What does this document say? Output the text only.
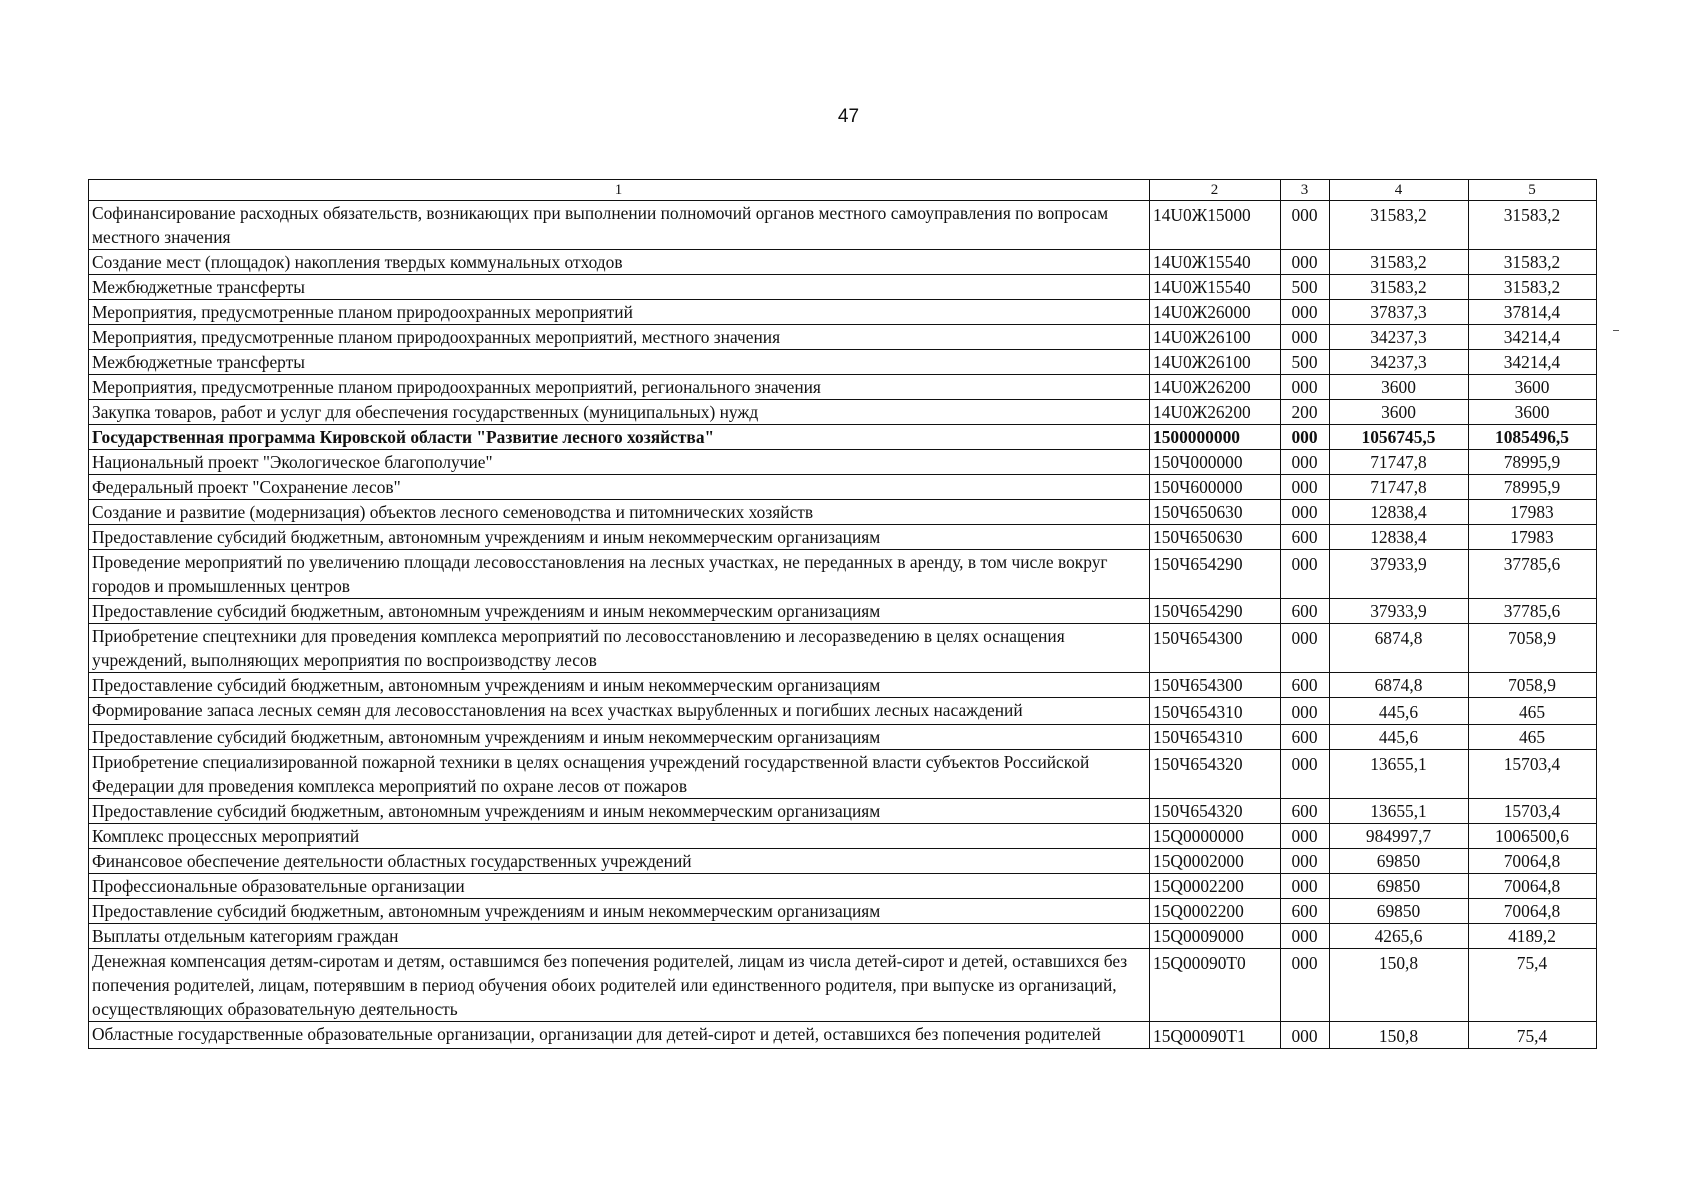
47
1	2	3	4	5
Софинансирование расходных обязательств, возникающих при выполнении полномочий органов местного самоуправления по вопросам местного значения	14U0Ж15000	000	31583,2	31583,2
Создание мест (площадок) накопления твердых коммунальных отходов	14U0Ж15540	000	31583,2	31583,2
Межбюджетные трансферты	14U0Ж15540	500	31583,2	31583,2
Мероприятия, предусмотренные планом природоохранных мероприятий	14U0Ж26000	000	37837,3	37814,4
Мероприятия, предусмотренные планом природоохранных мероприятий, местного значения	14U0Ж26100	000	34237,3	34214,4
Межбюджетные трансферты	14U0Ж26100	500	34237,3	34214,4
Мероприятия, предусмотренные планом природоохранных мероприятий, регионального значения	14U0Ж26200	000	3600	3600
Закупка товаров, работ и услуг для обеспечения государственных (муниципальных) нужд	14U0Ж26200	200	3600	3600
Государственная программа Кировской области "Развитие лесного хозяйства"	1500000000	000	1056745,5	1085496,5
Национальный проект "Экологическое благополучие"	150Ч000000	000	71747,8	78995,9
Федеральный проект "Сохранение лесов"	150Ч600000	000	71747,8	78995,9
Создание и развитие (модернизация) объектов лесного семеноводства и питомнических хозяйств	150Ч650630	000	12838,4	17983
Предоставление субсидий бюджетным, автономным учреждениям и иным некоммерческим организациям	150Ч650630	600	12838,4	17983
Проведение мероприятий по увеличению площади лесовосстановления на лесных участках, не переданных в аренду, в том числе вокруг городов и промышленных центров	150Ч654290	000	37933,9	37785,6
Предоставление субсидий бюджетным, автономным учреждениям и иным некоммерческим организациям	150Ч654290	600	37933,9	37785,6
Приобретение спецтехники для проведения комплекса мероприятий по лесовосстановлению и лесоразведению в целях оснащения учреждений, выполняющих мероприятия по воспроизводству лесов	150Ч654300	000	6874,8	7058,9
Предоставление субсидий бюджетным, автономным учреждениям и иным некоммерческим организациям	150Ч654300	600	6874,8	7058,9
Формирование запаса лесных семян для лесовосстановления на всех участках вырубленных и погибших лесных насаждений	150Ч654310	000	445,6	465
Предоставление субсидий бюджетным, автономным учреждениям и иным некоммерческим организациям	150Ч654310	600	445,6	465
Приобретение специализированной пожарной техники в целях оснащения учреждений государственной власти субъектов Российской Федерации для проведения комплекса мероприятий по охране лесов от пожаров	150Ч654320	000	13655,1	15703,4
Предоставление субсидий бюджетным, автономным учреждениям и иным некоммерческим организациям	150Ч654320	600	13655,1	15703,4
Комплекс процессных мероприятий	15Q0000000	000	984997,7	1006500,6
Финансовое обеспечение деятельности областных государственных учреждений	15Q0002000	000	69850	70064,8
Профессиональные образовательные организации	15Q0002200	000	69850	70064,8
Предоставление субсидий бюджетным, автономным учреждениям и иным некоммерческим организациям	15Q0002200	600	69850	70064,8
Выплаты отдельным категориям граждан	15Q0009000	000	4265,6	4189,2
Денежная компенсация детям-сиротам и детям, оставшимся без попечения родителей, лицам из числа детей-сирот и детей, оставшихся без попечения родителей, лицам, потерявшим в период обучения обоих родителей или единственного родителя, при выпуске из организаций, осуществляющих образовательную деятельность	15Q00090T0	000	150,8	75,4
Областные государственные образовательные организации, организации для детей-сирот и детей, оставшихся без попечения родителей	15Q00090T1	000	150,8	75,4
